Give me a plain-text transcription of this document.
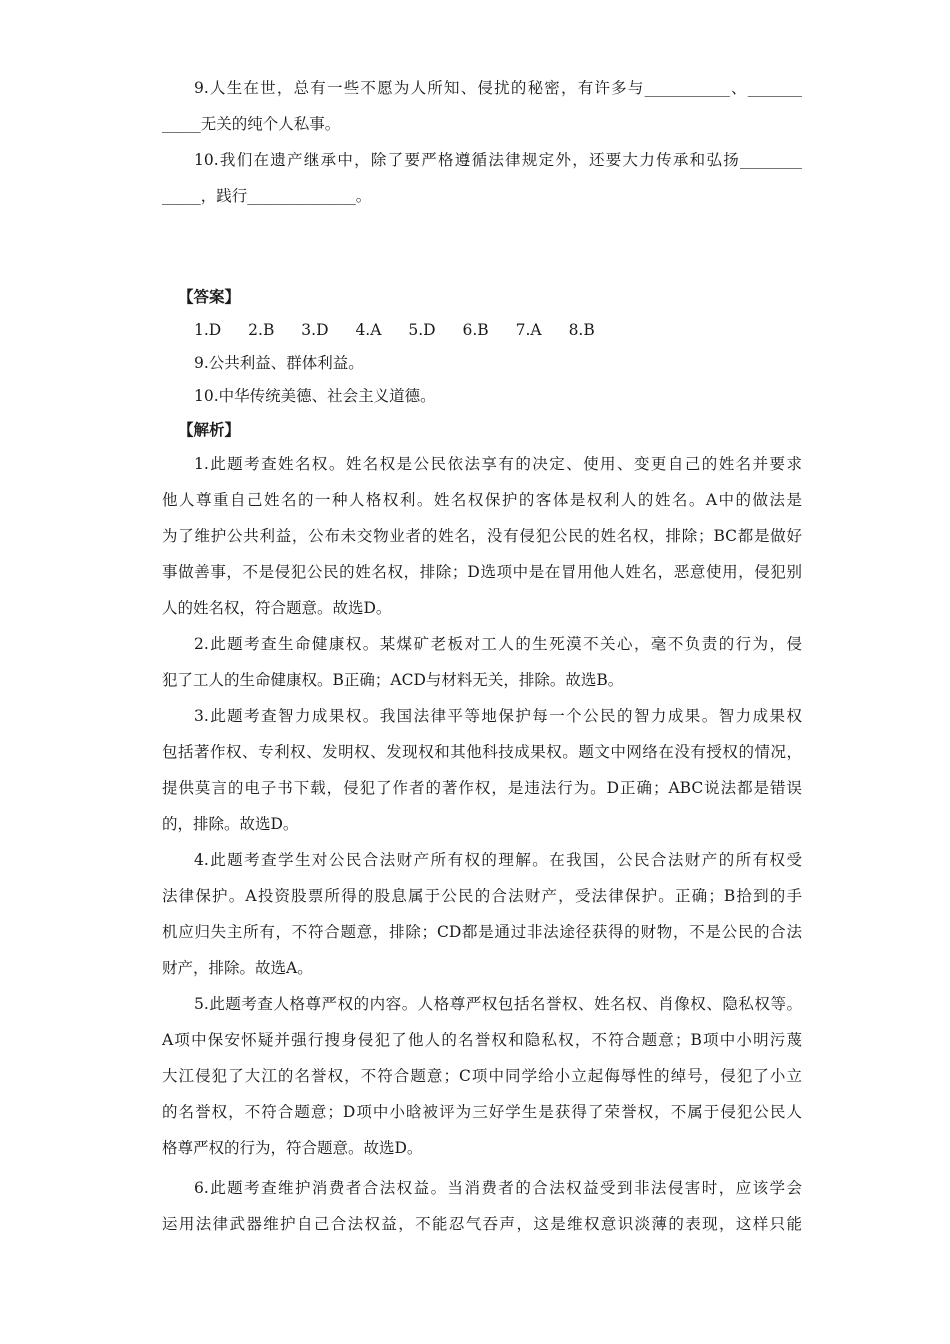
9.人生在世，总有一些不愿为人所知、侵扰的秘密，有许多与___________、_______
_____无关的纯个人私事。
10.我们在遗产继承中，除了要严格遵循法律规定外，还要大力传承和弘扬________
_____，践行______________。
【答案】
1.D 2.B 3.D 4.A 5.D 6.B 7.A 8.B
9.公共利益、群体利益。
10.中华传统美德、社会主义道德。
【解析】
1.此题考查姓名权。姓名权是公民依法享有的决定、使用、变更自己的姓名并要求
他人尊重自己姓名的一种人格权利。姓名权保护的客体是权利人的姓名。A中的做法是
为了维护公共利益，公布未交物业者的姓名，没有侵犯公民的姓名权，排除；BC都是做好
事做善事，不是侵犯公民的姓名权，排除；D选项中是在冒用他人姓名，恶意使用，侵犯别
人的姓名权，符合题意。故选D。
2.此题考查生命健康权。某煤矿老板对工人的生死漠不关心，毫不负责的行为，侵
犯了工人的生命健康权。B正确；ACD与材料无关，排除。故选B。
3.此题考查智力成果权。我国法律平等地保护每一个公民的智力成果。智力成果权
包括著作权、专利权、发明权、发现权和其他科技成果权。题文中网络在没有授权的情况，
提供莫言的电子书下载，侵犯了作者的著作权，是违法行为。D正确；ABC说法都是错误
的，排除。故选D。
4.此题考查学生对公民合法财产所有权的理解。在我国，公民合法财产的所有权受
法律保护。A投资股票所得的股息属于公民的合法财产，受法律保护。正确；B拾到的手
机应归失主所有，不符合题意，排除；CD都是通过非法途径获得的财物，不是公民的合法
财产，排除。故选A。
5.此题考查人格尊严权的内容。人格尊严权包括名誉权、姓名权、肖像权、隐私权等。
A项中保安怀疑并强行搜身侵犯了他人的名誉权和隐私权，不符合题意；B项中小明污蔑
大江侵犯了大江的名誉权，不符合题意；C项中同学给小立起侮辱性的绰号，侵犯了小立
的名誉权，不符合题意；D项中小晗被评为三好学生是获得了荣誉权，不属于侵犯公民人
格尊严权的行为，符合题意。故选D。
6.此题考查维护消费者合法权益。当消费者的合法权益受到非法侵害时，应该学会
运用法律武器维护自己合法权益，不能忍气吞声，这是维权意识淡薄的表现，这样只能
